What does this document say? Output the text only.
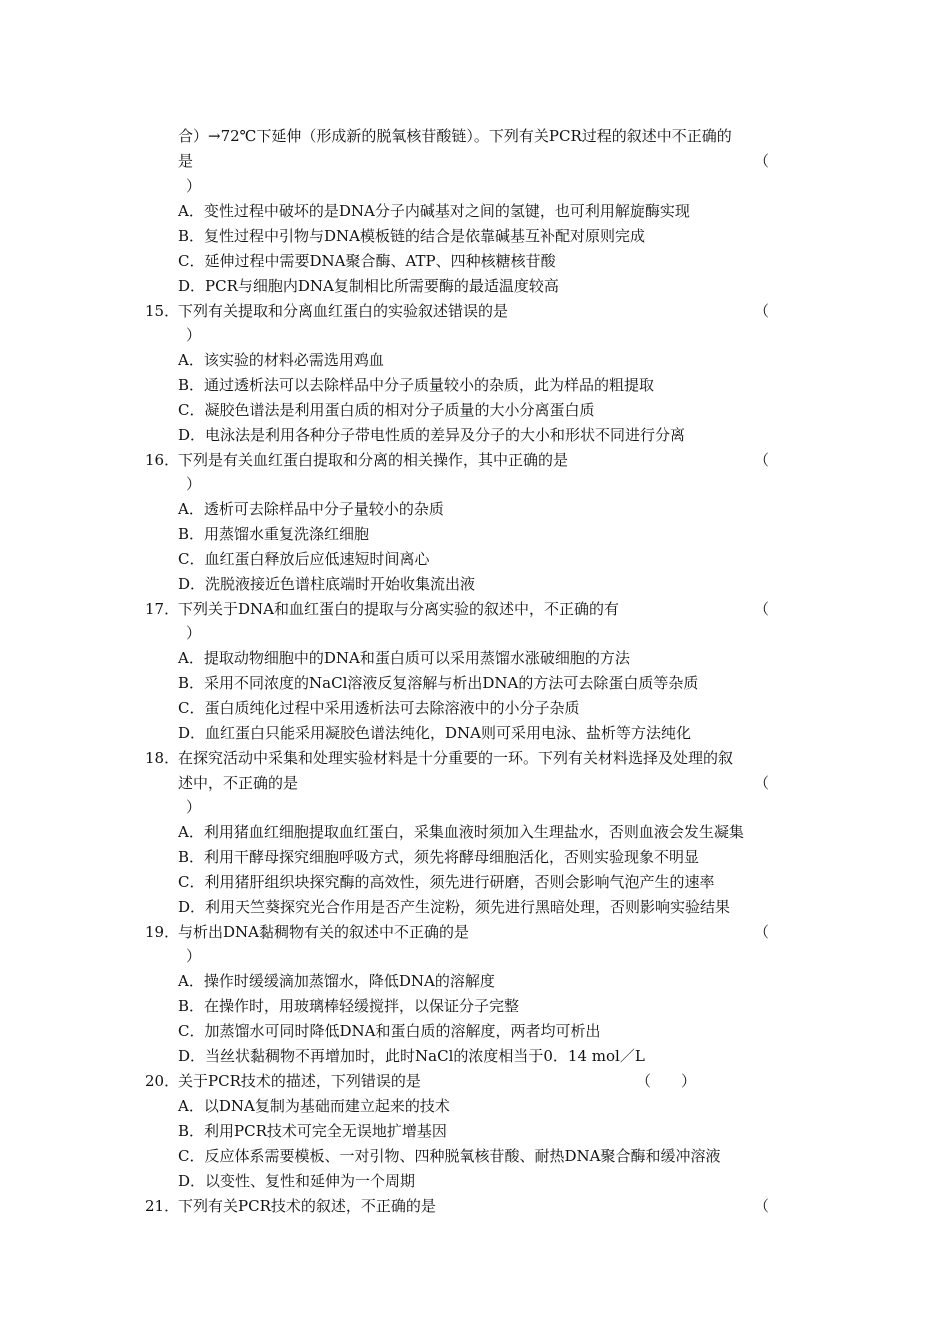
合）→72℃下延伸（形成新的脱氧核苷酸链）。下列有关PCR过程的叙述中不正确的
是	（
）
A．变性过程中破坏的是DNA分子内碱基对之间的氢键，也可利用解旋酶实现
B．复性过程中引物与DNA模板链的结合是依靠碱基互补配对原则完成
C．延伸过程中需要DNA聚合酶、ATP、四种核糖核苷酸
D．PCR与细胞内DNA复制相比所需要酶的最适温度较高
15．
下列有关提取和分离血红蛋白的实验叙述错误的是	（
）
A．该实验的材料必需选用鸡血
B．通过透析法可以去除样品中分子质量较小的杂质，此为样品的粗提取
C．凝胶色谱法是利用蛋白质的相对分子质量的大小分离蛋白质
D．电泳法是利用各种分子带电性质的差异及分子的大小和形状不同进行分离
16．
下列是有关血红蛋白提取和分离的相关操作，其中正确的是	（
）
A．透析可去除样品中分子量较小的杂质
B．用蒸馏水重复洗涤红细胞
C．血红蛋白释放后应低速短时间离心
D．洗脱液接近色谱柱底端时开始收集流出液
17．
下列关于DNA和血红蛋白的提取与分离实验的叙述中，不正确的有	（
）
A．提取动物细胞中的DNA和蛋白质可以采用蒸馏水涨破细胞的方法
B．采用不同浓度的NaCl溶液反复溶解与析出DNA的方法可去除蛋白质等杂质
C．蛋白质纯化过程中采用透析法可去除溶液中的小分子杂质
D．血红蛋白只能采用凝胶色谱法纯化，DNA则可采用电泳、盐析等方法纯化
18．
在探究活动中采集和处理实验材料是十分重要的一环。下列有关材料选择及处理的叙
述中，不正确的是	（
）
A．利用猪血红细胞提取血红蛋白，采集血液时须加入生理盐水，否则血液会发生凝集
B．利用干酵母探究细胞呼吸方式，须先将酵母细胞活化，否则实验现象不明显
C．利用猪肝组织块探究酶的高效性，须先进行研磨，否则会影响气泡产生的速率
D．利用天竺葵探究光合作用是否产生淀粉，须先进行黑暗处理，否则影响实验结果
19．
与析出DNA黏稠物有关的叙述中不正确的是	（
）
A．操作时缓缓滴加蒸馏水，降低DNA的溶解度
B．在操作时，用玻璃棒轻缓搅拌，以保证分子完整
C．加蒸馏水可同时降低DNA和蛋白质的溶解度，两者均可析出
D．当丝状黏稠物不再增加时，此时NaCl的浓度相当于0．14 mol／L
20．
关于PCR技术的描述，下列错误的是	（　　）
A．以DNA复制为基础而建立起来的技术
B．利用PCR技术可完全无误地扩增基因
C．反应体系需要模板、一对引物、四种脱氧核苷酸、耐热DNA聚合酶和缓冲溶液
D．以变性、复性和延伸为一个周期
21．
下列有关PCR技术的叙述，不正确的是	（
